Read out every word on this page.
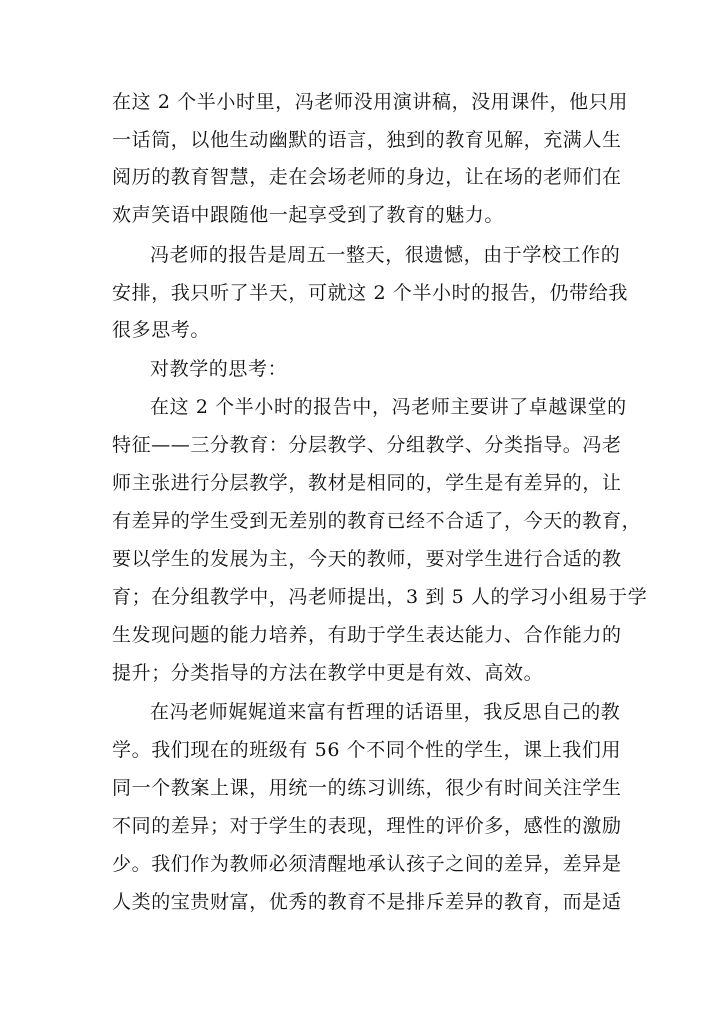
在这 2 个半小时里，冯老师没用演讲稿，没用课件，他只用
一话筒，以他生动幽默的语言，独到的教育见解，充满人生
阅历的教育智慧，走在会场老师的身边，让在场的老师们在
欢声笑语中跟随他一起享受到了教育的魅力。
冯老师的报告是周五一整天，很遗憾，由于学校工作的
安排，我只听了半天，可就这 2 个半小时的报告，仍带给我
很多思考。
对教学的思考：
在这 2 个半小时的报告中，冯老师主要讲了卓越课堂的
特征——三分教育：分层教学、分组教学、分类指导。冯老
师主张进行分层教学，教材是相同的，学生是有差异的，让
有差异的学生受到无差别的教育已经不合适了，今天的教育，
要以学生的发展为主，今天的教师，要对学生进行合适的教
育；在分组教学中，冯老师提出，3 到 5 人的学习小组易于学
生发现问题的能力培养，有助于学生表达能力、合作能力的
提升；分类指导的方法在教学中更是有效、高效。
在冯老师娓娓道来富有哲理的话语里，我反思自己的教
学。我们现在的班级有 56 个不同个性的学生，课上我们用
同一个教案上课，用统一的练习训练，很少有时间关注学生
不同的差异；对于学生的表现，理性的评价多，感性的激励
少。我们作为教师必须清醒地承认孩子之间的差异，差异是
人类的宝贵财富，优秀的教育不是排斥差异的教育，而是适
